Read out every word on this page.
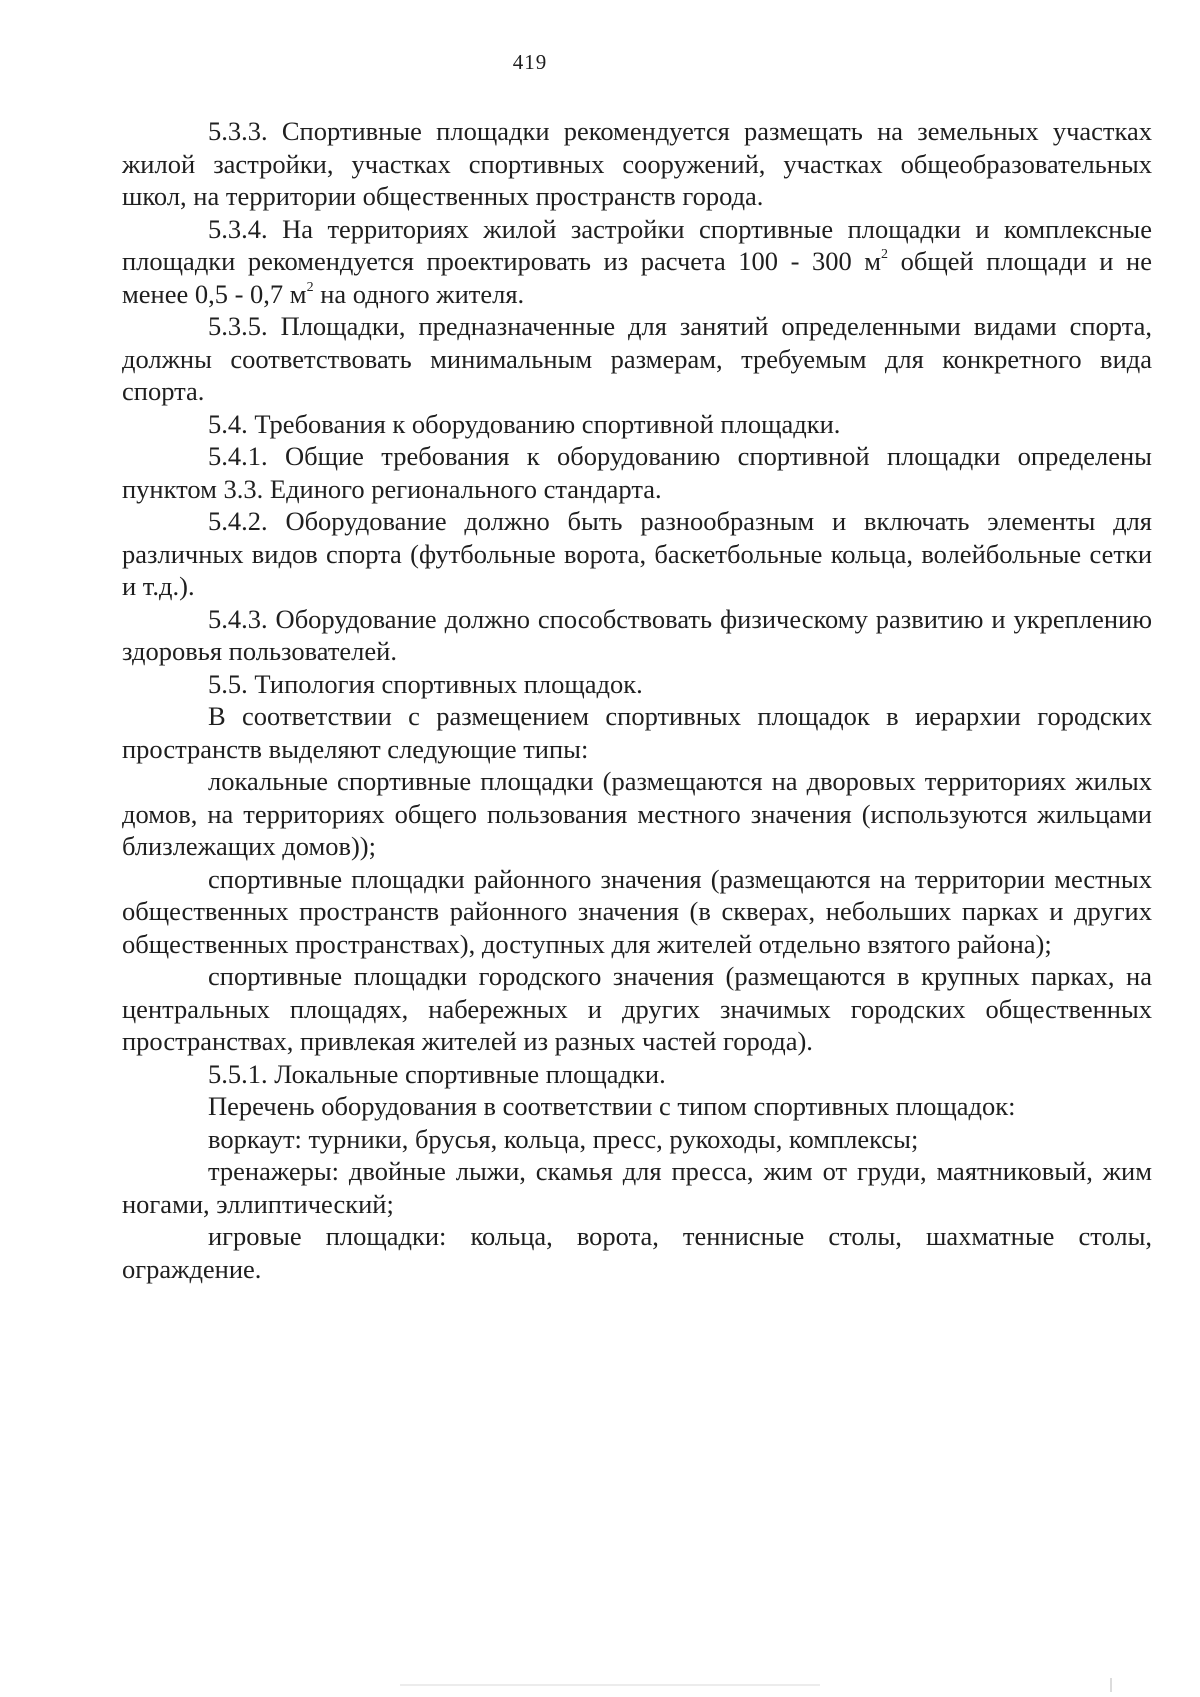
419

5.3.3. Спортивные площадки рекомендуется размещать на земельных участках жилой застройки, участках спортивных сооружений, участках общеобразовательных школ, на территории общественных пространств города.

5.3.4. На территориях жилой застройки спортивные площадки и комплексные площадки рекомендуется проектировать из расчета 100 - 300 $м^2$ общей площади и не менее 0,5 - 0,7 $м^2$ на одного жителя.

5.3.5. Площадки, предназначенные для занятий определенными видами спорта, должны соответствовать минимальным размерам, требуемым для конкретного вида спорта.

5.4. Требования к оборудованию спортивной площадки.

5.4.1. Общие требования к оборудованию спортивной площадки определены пунктом 3.3. Единого регионального стандарта.

5.4.2. Оборудование должно быть разнообразным и включать элементы для различных видов спорта (футбольные ворота, баскетбольные кольца, волейбольные сетки и т.д.).

5.4.3. Оборудование должно способствовать физическому развитию и укреплению здоровья пользователей.

5.5. Типология спортивных площадок.

В соответствии с размещением спортивных площадок в иерархии городских пространств выделяют следующие типы:

локальные спортивные площадки (размещаются на дворовых территориях жилых домов, на территориях общего пользования местного значения (используются жильцами близлежащих домов));

спортивные площадки районного значения (размещаются на территории местных общественных пространств районного значения (в скверах, небольших парках и других общественных пространствах), доступных для жителей отдельно взятого района);

спортивные площадки городского значения (размещаются в крупных парках, на центральных площадях, набережных и других значимых городских общественных пространствах, привлекая жителей из разных частей города).

5.5.1. Локальные спортивные площадки.

Перечень оборудования в соответствии с типом спортивных площадок:

воркаут: турники, брусья, кольца, пресс, рукоходы, комплексы;

тренажеры: двойные лыжи, скамья для пресса, жим от груди, маятниковый, жим ногами, эллиптический;

игровые площадки: кольца, ворота, теннисные столы, шахматные столы, ограждение.
